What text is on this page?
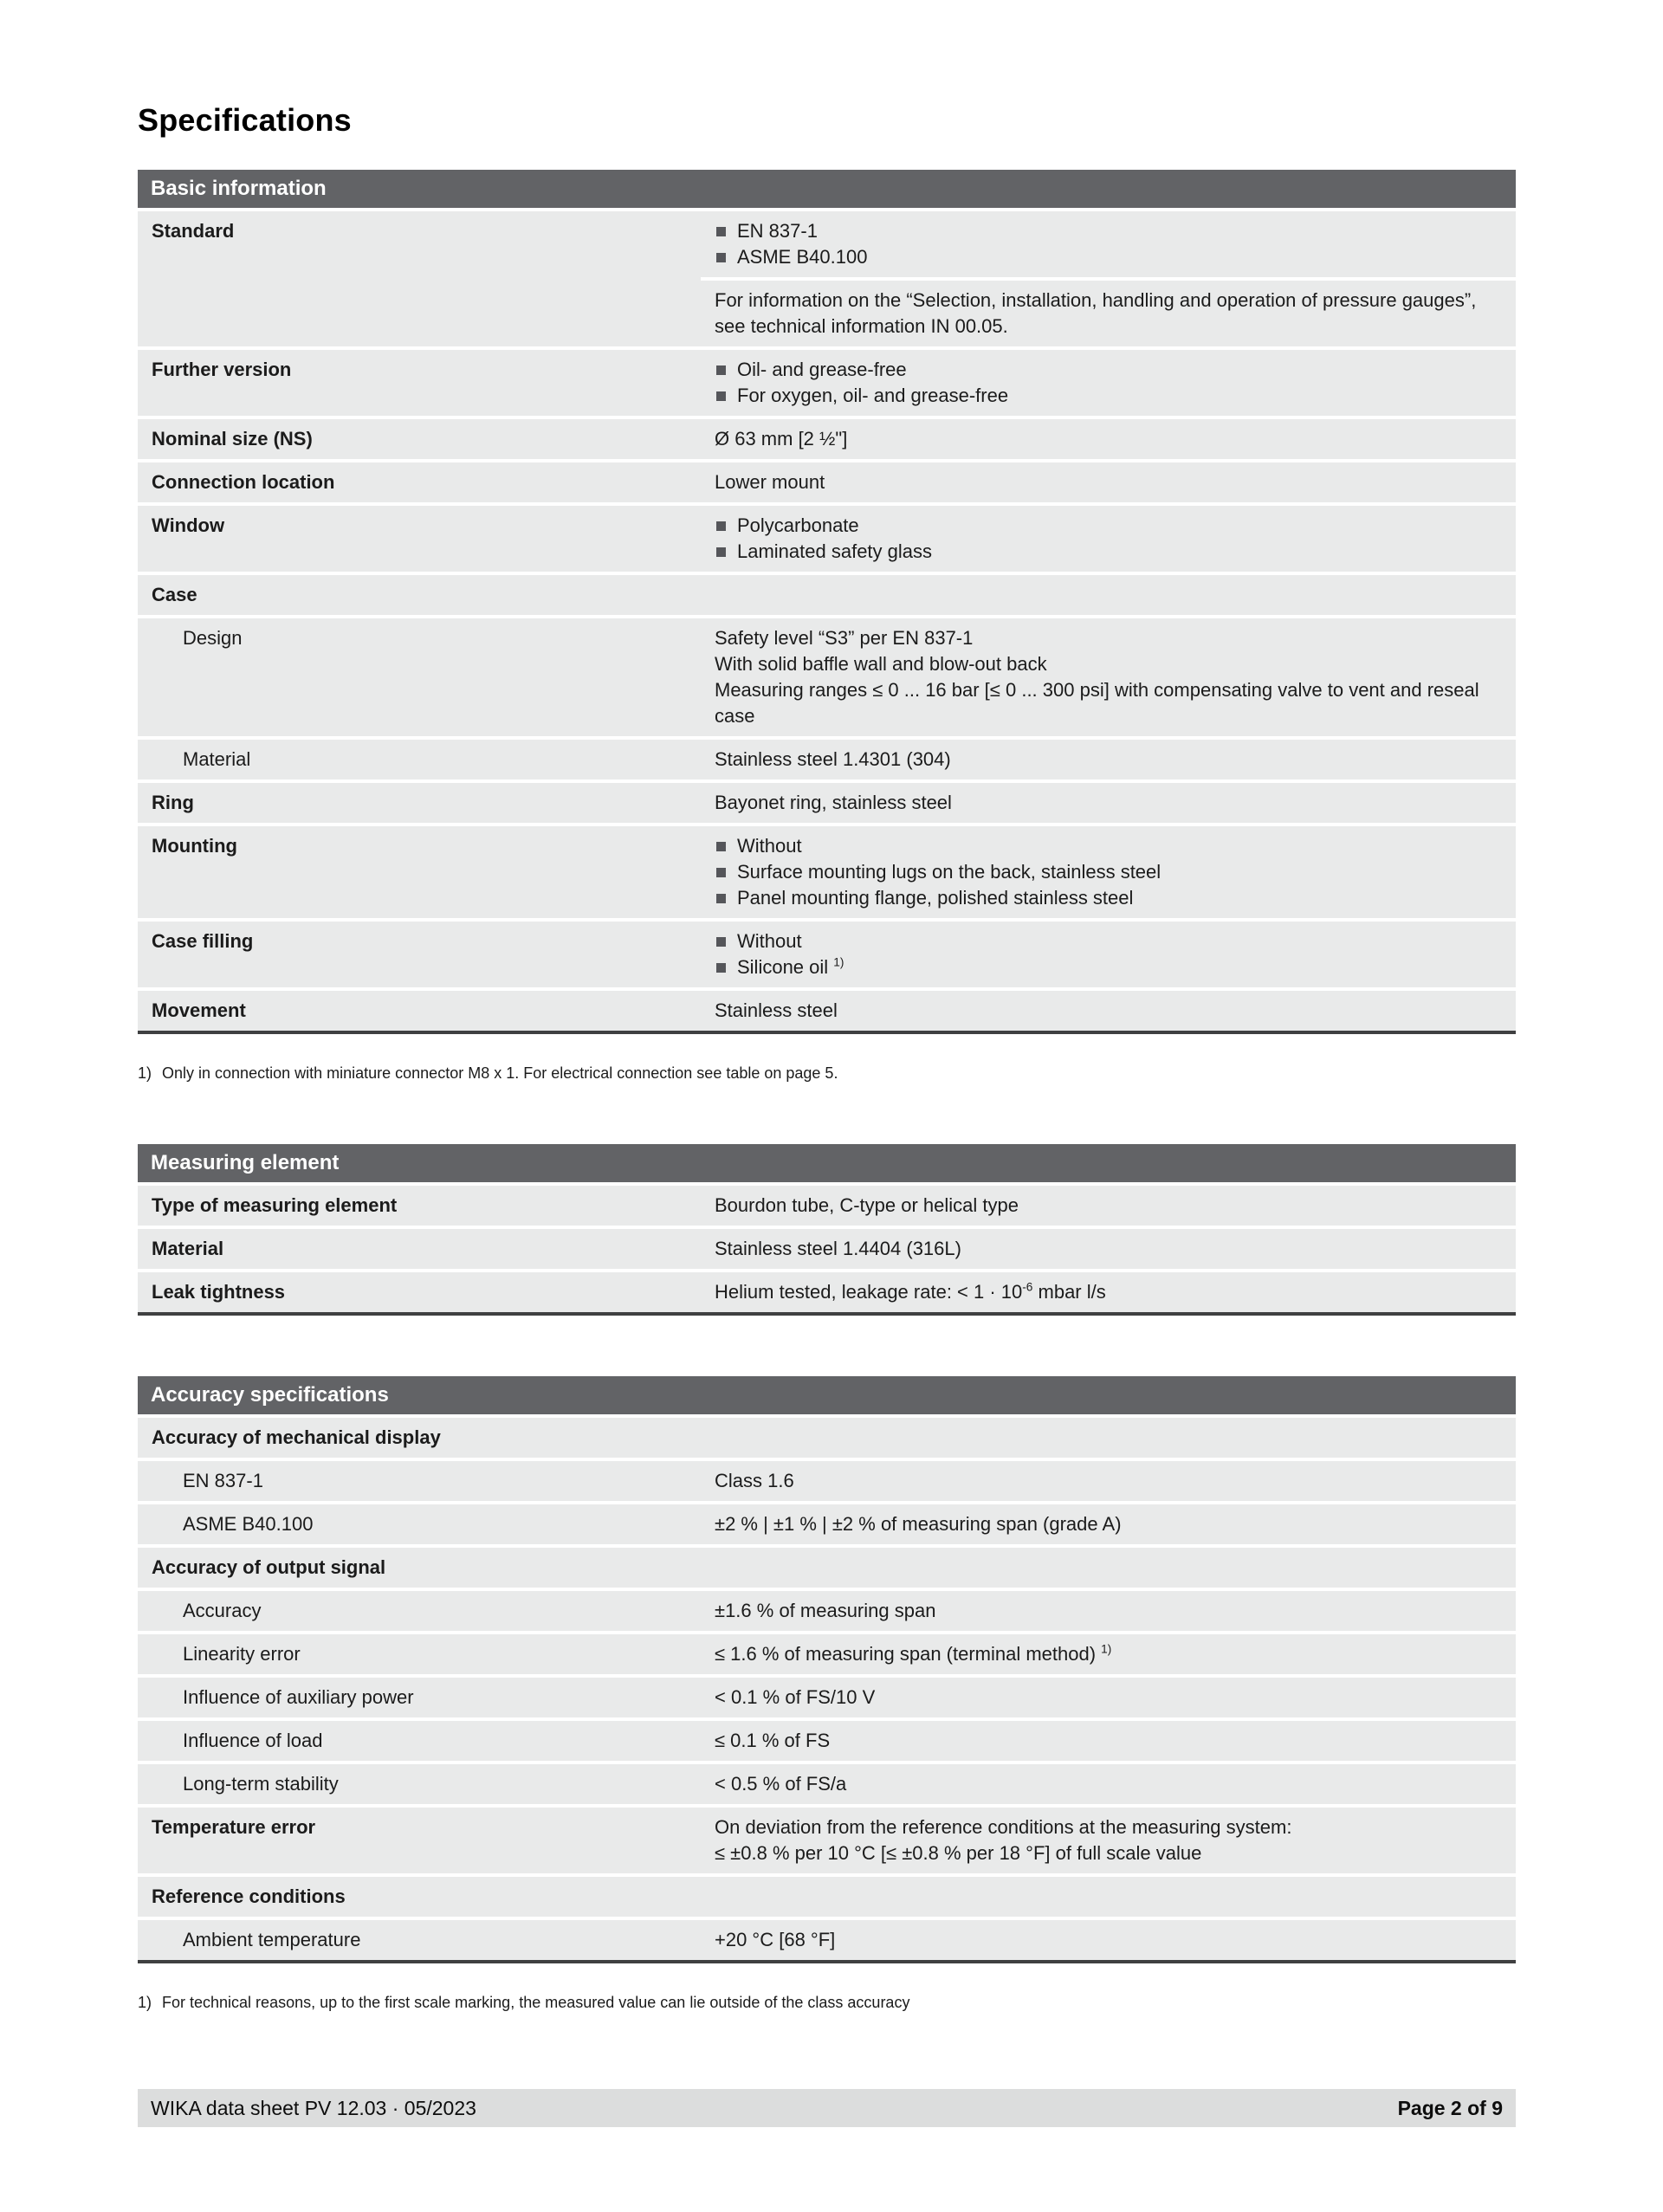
Specifications
Basic information
Standard	EN 837-1
ASME B40.100
For information on the “Selection, installation, handling and operation of pressure gauges”, see technical information IN 00.05.
Further version	Oil- and grease-free
For oxygen, oil- and grease-free
Nominal size (NS)	Ø 63 mm [2 ½"]
Connection location	Lower mount
Window	Polycarbonate
Laminated safety glass
Case
Design	Safety level “S3” per EN 837-1
With solid baffle wall and blow-out back
Measuring ranges ≤ 0 ... 16 bar [≤ 0 ... 300 psi] with compensating valve to vent and reseal case
Material	Stainless steel 1.4301 (304)
Ring	Bayonet ring, stainless steel
Mounting	Without
Surface mounting lugs on the back, stainless steel
Panel mounting flange, polished stainless steel
Case filling	Without
Silicone oil $^{1)}$
Movement	Stainless steel
1) Only in connection with miniature connector M8 x 1. For electrical connection see table on page 5.
Measuring element
Type of measuring element	Bourdon tube, C-type or helical type
Material	Stainless steel 1.4404 (316L)
Leak tightness	Helium tested, leakage rate: < $1 \cdot 10^{-6}$ mbar l/s
Accuracy specifications
Accuracy of mechanical display
EN 837-1	Class 1.6
ASME B40.100	±2 % | ±1 % | ±2 % of measuring span (grade A)
Accuracy of output signal
Accuracy	±1.6 % of measuring span
Linearity error	≤ 1.6 % of measuring span (terminal method) $^{1)}$
Influence of auxiliary power	< 0.1 % of FS/10 V
Influence of load	≤ 0.1 % of FS
Long-term stability	< 0.5 % of FS/a
Temperature error	On deviation from the reference conditions at the measuring system:
≤ ±0.8 % per 10 °C [≤ ±0.8 % per 18 °F] of full scale value
Reference conditions
Ambient temperature	+20 °C [68 °F]
1) For technical reasons, up to the first scale marking, the measured value can lie outside of the class accuracy
WIKA data sheet PV 12.03 · 05/2023	Page 2 of 9
